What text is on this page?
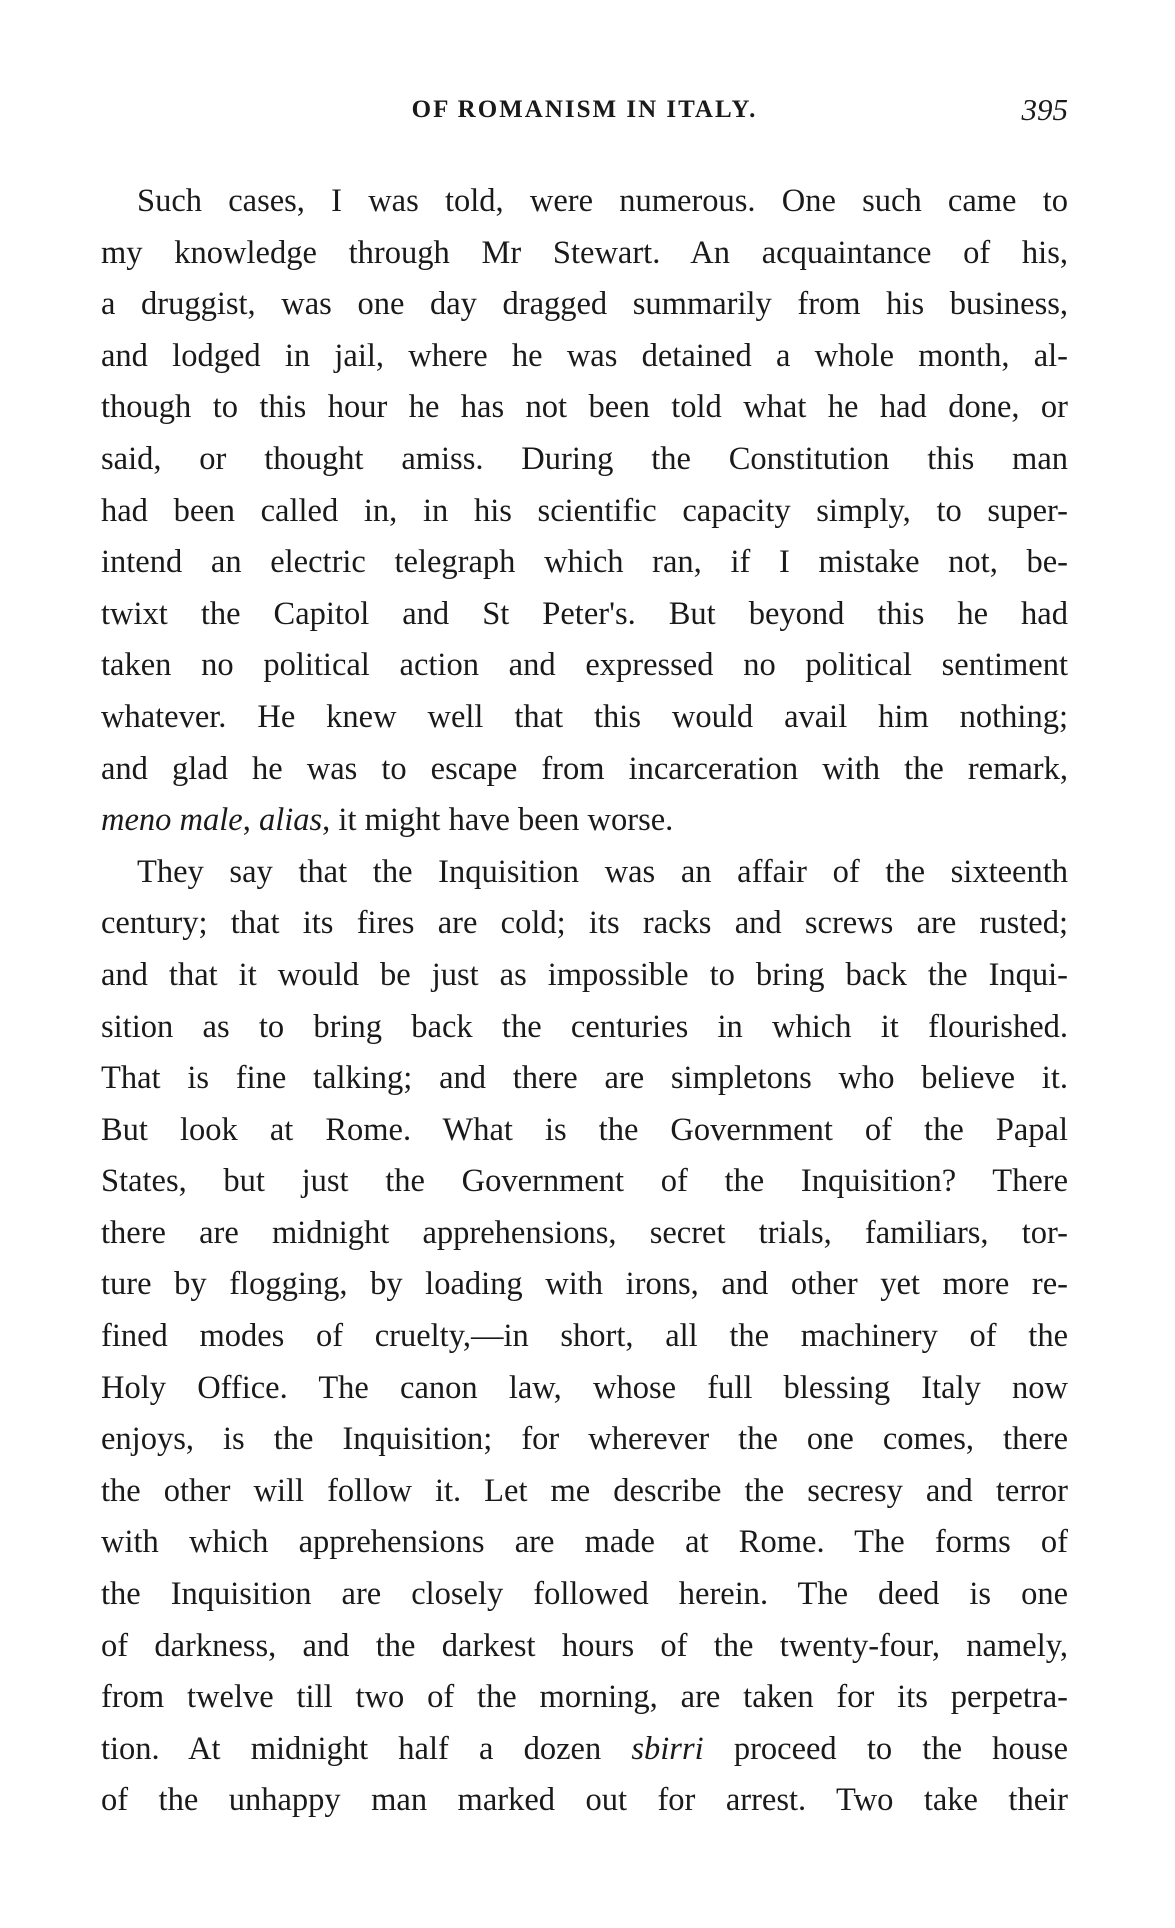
OF ROMANISM IN ITALY.	395
Such cases, I was told, were numerous. One such came to
my knowledge through Mr Stewart. An acquaintance of his,
a druggist, was one day dragged summarily from his business,
and lodged in jail, where he was detained a whole month, al-
though to this hour he has not been told what he had done, or
said, or thought amiss. During the Constitution this man
had been called in, in his scientific capacity simply, to super-
intend an electric telegraph which ran, if I mistake not, be-
twixt the Capitol and St Peter's. But beyond this he had
taken no political action and expressed no political sentiment
whatever. He knew well that this would avail him nothing;
and glad he was to escape from incarceration with the remark,
meno male, alias, it might have been worse.
They say that the Inquisition was an affair of the sixteenth
century; that its fires are cold; its racks and screws are rusted;
and that it would be just as impossible to bring back the Inqui-
sition as to bring back the centuries in which it flourished.
That is fine talking; and there are simpletons who believe it.
But look at Rome. What is the Government of the Papal
States, but just the Government of the Inquisition? There
there are midnight apprehensions, secret trials, familiars, tor-
ture by flogging, by loading with irons, and other yet more re-
fined modes of cruelty,—in short, all the machinery of the
Holy Office. The canon law, whose full blessing Italy now
enjoys, is the Inquisition; for wherever the one comes, there
the other will follow it. Let me describe the secresy and terror
with which apprehensions are made at Rome. The forms of
the Inquisition are closely followed herein. The deed is one
of darkness, and the darkest hours of the twenty-four, namely,
from twelve till two of the morning, are taken for its perpetra-
tion. At midnight half a dozen sbirri proceed to the house
of the unhappy man marked out for arrest. Two take their
